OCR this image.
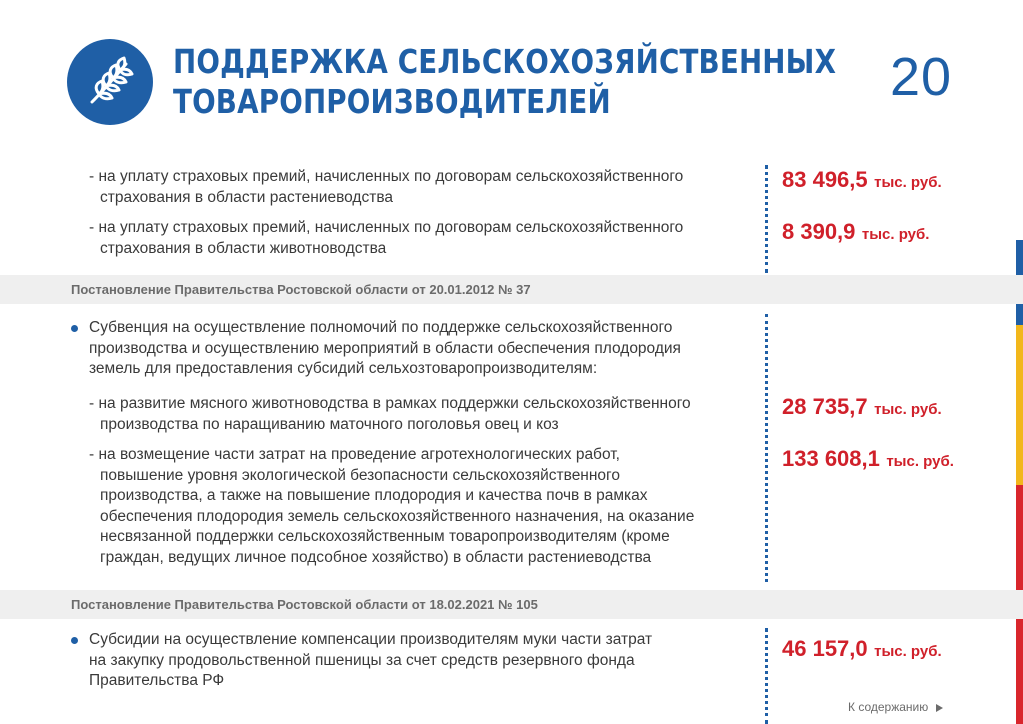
ПОДДЕРЖКА СЕЛЬСКОХОЗЯЙСТВЕННЫХ
ТОВАРОПРОИЗВОДИТЕЛЕЙ	20
- на уплату страховых премий, начисленных по договорам сельскохозяйственного
страхования в области растениеводства
83 496,5 тыс. руб.
- на уплату страховых премий, начисленных по договорам сельскохозяйственного
страхования в области животноводства
8 390,9 тыс. руб.
Постановление Правительства Ростовской области от 20.01.2012 № 37
Субвенция на осуществление полномочий по поддержке сельскохозяйственного
производства и осуществлению мероприятий в области обеспечения плодородия
земель для предоставления субсидий сельхозтоваропроизводителям:
- на развитие мясного животноводства в рамках поддержки сельскохозяйственного
производства по наращиванию маточного поголовья овец и коз
28 735,7 тыс. руб.
- на возмещение части затрат на проведение агротехнологических работ,
повышение уровня экологической безопасности сельскохозяйственного
производства, а также на повышение плодородия и качества почв в рамках
обеспечения плодородия земель сельскохозяйственного назначения, на оказание
несвязанной поддержки сельскохозяйственным товаропроизводителям (кроме
граждан, ведущих личное подсобное хозяйство) в области растениеводства
133 608,1 тыс. руб.
Постановление Правительства Ростовской области от 18.02.2021 № 105
Субсидии на осуществление компенсации производителям муки части затрат
на закупку продовольственной пшеницы за счет средств резервного фонда
Правительства РФ
46 157,0 тыс. руб.
К содержанию
